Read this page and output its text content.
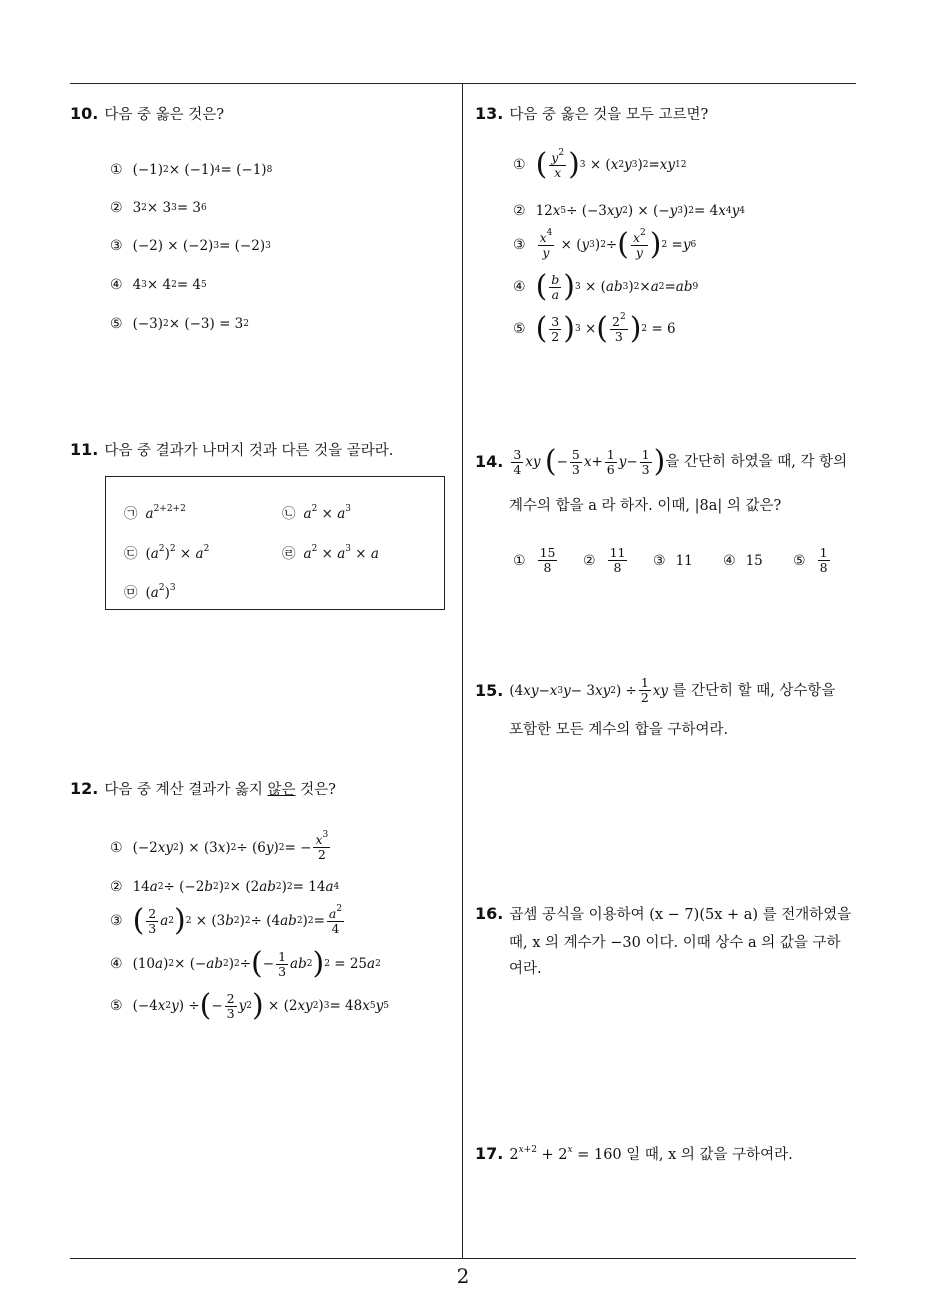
10. 다음 중 옳은 것은?
① (−1) 2 × (−1) 4 = (−1) 8
② 3 2 × 3 3 = 3 6
③ (−2) × (−2) 3 = (−2) 3
④ 4 3 × 4 2 = 4 5
⑤ (−3) 2 × (−3) = 3 2
11. 다음 중 결과가 나머지 것과 다른 것을 골라라.
㉠ $a^{2+2+2}$	㉡ $a^2 \times a^3$
㉢ $(a^2)^2 \times a^2$	㉣ $a^2 \times a^3 \times a$
㉤ $(a^2)^3$
12. 다음 중 계산 결과가 옳지 않은 것은?
① (−2 xy 2 ) × (3 x ) 2 ÷ (6 y ) 2 = − $x^3$
2
② 14 a 2 ÷ (−2 b 2 ) 2 × (2 ab 2 ) 2 = 14 a 4
③ ( 2
3 a 2 ) 2 × (3 b 2 ) 2 ÷ (4 ab 2 ) $2 = a^2$
4
④ (10 a ) 2 × (− ab 2 ) 2 ÷ ( − 1
3 ab 2 ) 2 = 25 a 2
⑤ (−4 x 2 y ) ÷ ( − 2
3 y 2 ) × (2 xy 2 ) 3 = 48 x 5 y 5
13. 다음 중 옳은 것을 모두 고르면?
① ( $y^2$
x ) 3 × ( x 2 y 3 ) 2 = xy 12
② 12 x 5 ÷ (−3 xy 2 ) × (− y 3 ) 2 = 4 x 4 y 4
③ $x^4$
y × ( y 3 ) 2 ÷ ( $x^2$
y ) 2 = y 6
④ ( b
a ) 3 × ( ab 3 ) 2 × a 2 = ab 9
⑤ ( 3
2 ) 3 × ( $2^2$
3 ) 2 = 6
14. 3
4 xy
( − 5
3 x + 1
6 y − 1
3 ) 을 간단히 하였을 때, 각 항의
계수의 합을 a 라 하자. 이때, |8a| 의 값은?
① 15
8 ② 11
8 ③ 11 ④ 15 ⑤ 1
8
15. (4 xy − x 3 y − 3 xy 2 ) ÷ 1
2 xy
를 간단히 할 때, 상수항을
포함한 모든 계수의 합을 구하여라.
16. 곱셈 공식을 이용하여 (x − 7)(5x + a) 를 전개하였을
때, x 의 계수가 −30 이다. 이때 상수 a 의 값을 구하
여라.
17. $2^{x+2} + 2^x = 160$ 일 때, x 의 값을 구하여라.
2
